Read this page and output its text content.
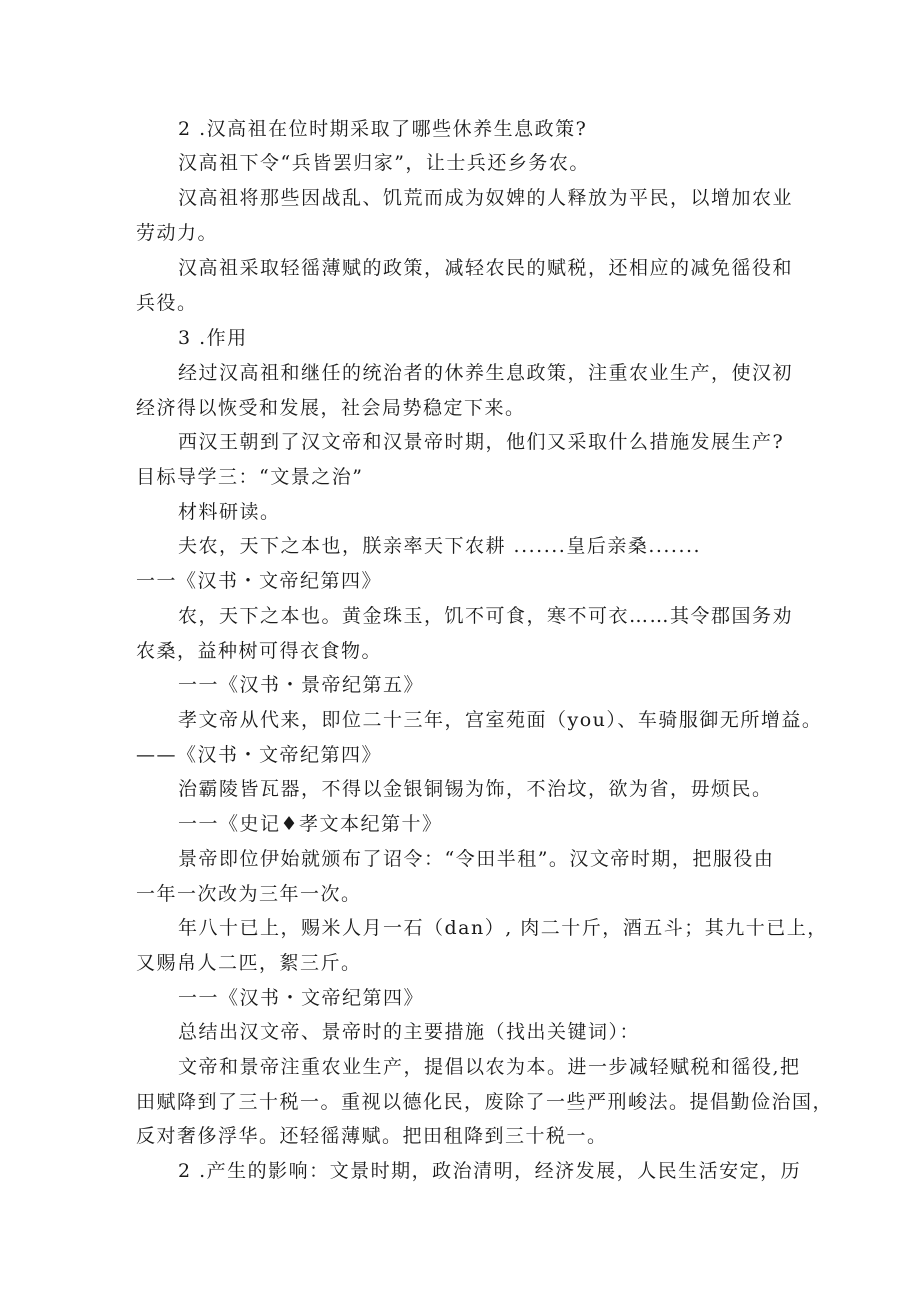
2 .汉高祖在位时期采取了哪些休养生息政策?
汉高祖下令“兵皆罢归家”，让士兵还乡务农。
汉高祖将那些因战乱、饥荒而成为奴婢的人释放为平民，以增加农业
劳动力。
汉高祖采取轻徭薄赋的政策，减轻农民的赋税，还相应的减免徭役和
兵役。
3 .作用
经过汉高祖和继任的统治者的休养生息政策，注重农业生产，使汉初
经济得以恢受和发展，社会局势稳定下来。
西汉王朝到了汉文帝和汉景帝时期，他们又采取什么措施发展生产?
目标导学三：“文景之治”
材料研读。
夫农，天下之本也，朕亲率天下农耕 .......皇后亲桑.......
一一《汉书・文帝纪第四》
农，天下之本也。黄金珠玉，饥不可食，寒不可衣……其令郡国务劝
农桑，益种树可得衣食物。
一一《汉书・景帝纪第五》
孝文帝从代来，即位二十三年，宫室苑面（you）、车骑服御无所增益。
——《汉书・文帝纪第四》
治霸陵皆瓦器，不得以金银铜锡为饰，不治坟，欲为省，毋烦民。
一一《史记♦孝文本纪第十》
景帝即位伊始就颁布了诏令：“令田半租”。汉文帝时期，把服役由
一年一次改为三年一次。
年八十已上，赐米人月一石（dan）, 肉二十斤，酒五斗；其九十已上，
又赐帛人二匹，絮三斤。
一一《汉书・文帝纪第四》
总结出汉文帝、景帝时的主要措施（找出关键词）：
文帝和景帝注重农业生产，提倡以农为本。进一步减轻赋税和徭役,把
田赋降到了三十税一。重视以德化民，废除了一些严刑峻法。提倡勤俭治国，
反对奢侈浮华。还轻徭薄赋。把田租降到三十税一。
2 .产生的影响：文景时期，政治清明，经济发展，人民生活安定，历
